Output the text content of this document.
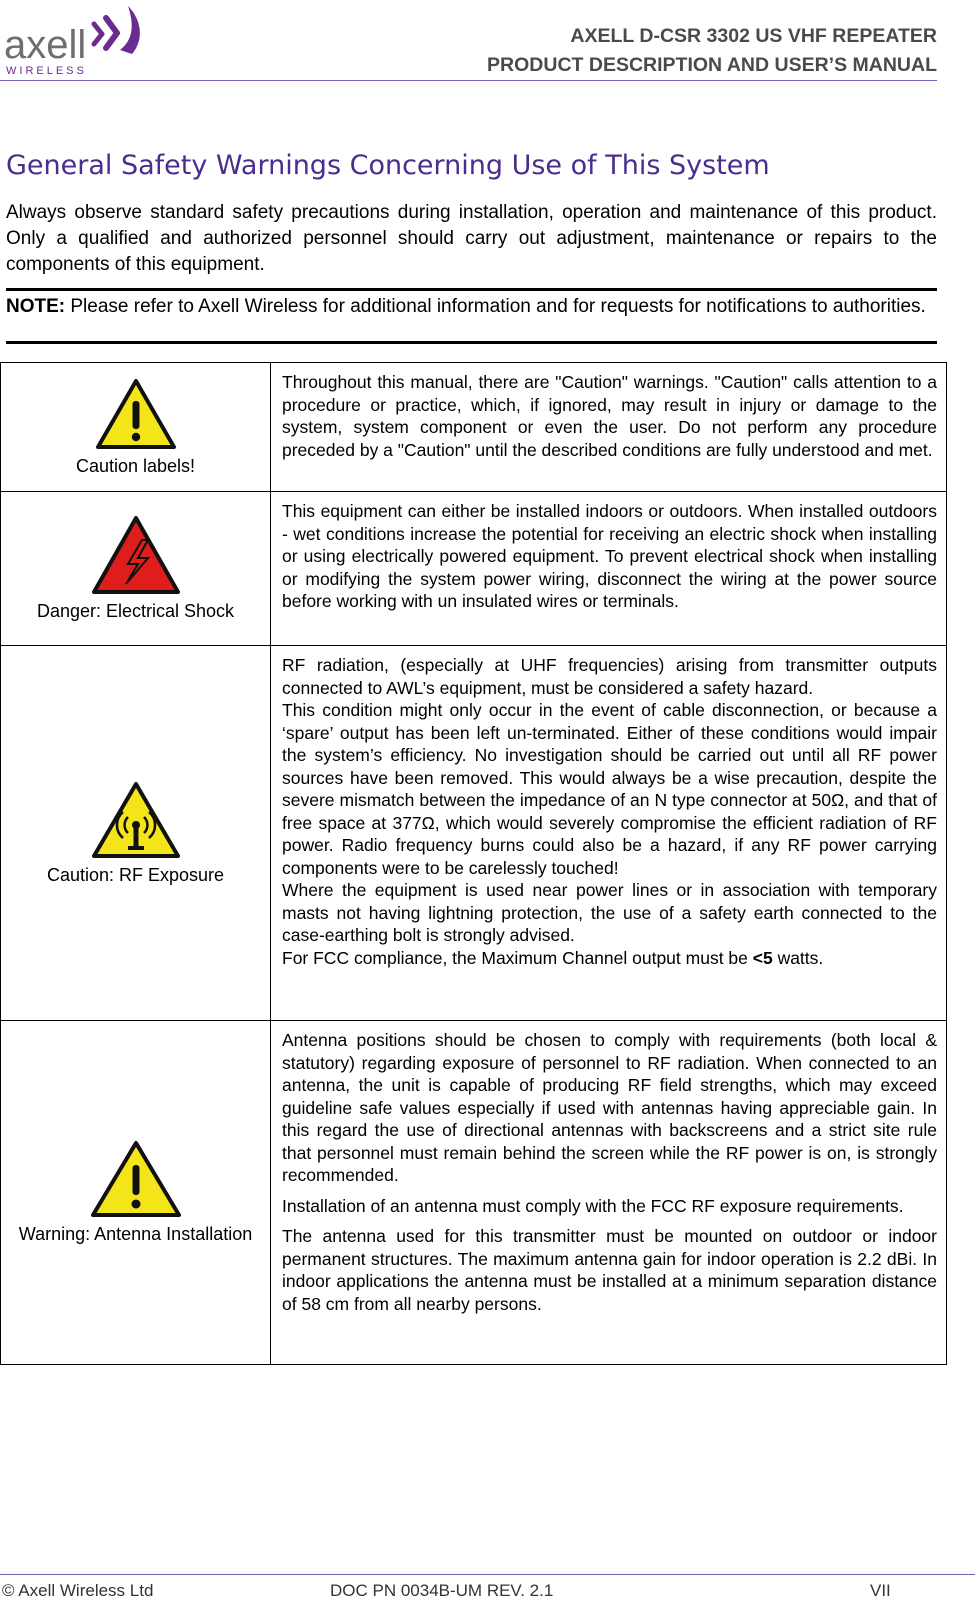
axell
WIRELESS
AXELL D-CSR 3302 US VHF REPEATER
PRODUCT DESCRIPTION AND USER’S MANUAL
General Safety Warnings Concerning Use of This System

Always observe standard safety precautions during installation, operation and maintenance of this product. Only a qualified and authorized personnel should carry out adjustment, maintenance or repairs to the components of this equipment.

NOTE: Please refer to Axell Wireless for additional information and for requests for notifications to authorities.

Caution labels!	Throughout this manual, there are "Caution" warnings. "Caution" calls attention to a procedure or practice, which, if ignored, may result in injury or damage to the system, system component or even the user. Do not perform any procedure preceded by a "Caution" until the described conditions are fully understood and met.

Danger: Electrical Shock	This equipment can either be installed indoors or outdoors. When installed outdoors - wet conditions increase the potential for receiving an electric shock when installing or using electrically powered equipment. To prevent electrical shock when installing or modifying the system power wiring, disconnect the wiring at the power source before working with un insulated wires or terminals.

Caution: RF Exposure	RF radiation, (especially at UHF frequencies) arising from transmitter outputs connected to AWL’s equipment, must be considered a safety hazard.

This condition might only occur in the event of cable disconnection, or because a ‘spare’ output has been left un-terminated. Either of these conditions would impair the system’s efficiency. No investigation should be carried out until all RF power sources have been removed. This would always be a wise precaution, despite the severe mismatch between the impedance of an N type connector at 50Ω, and that of free space at 377Ω, which would severely compromise the efficient radiation of RF power. Radio frequency burns could also be a hazard, if any RF power carrying components were to be carelessly touched!

Where the equipment is used near power lines or in association with temporary masts not having lightning protection, the use of a safety earth connected to the case-earthing bolt is strongly advised.

For FCC compliance, the Maximum Channel output must be <5 watts.

Warning: Antenna Installation	Antenna positions should be chosen to comply with requirements (both local & statutory) regarding exposure of personnel to RF radiation. When connected to an antenna, the unit is capable of producing RF field strengths, which may exceed guideline safe values especially if used with antennas having appreciable gain. In this regard the use of directional antennas with backscreens and a strict site rule that personnel must remain behind the screen while the RF power is on, is strongly recommended.

Installation of an antenna must comply with the FCC RF exposure requirements.

The antenna used for this transmitter must be mounted on outdoor or indoor permanent structures. The maximum antenna gain for indoor operation is 2.2 dBi. In indoor applications the antenna must be installed at a minimum separation distance of 58 cm from all nearby persons.

© Axell Wireless Ltd	DOC PN 0034B-UM REV. 2.1	VII
